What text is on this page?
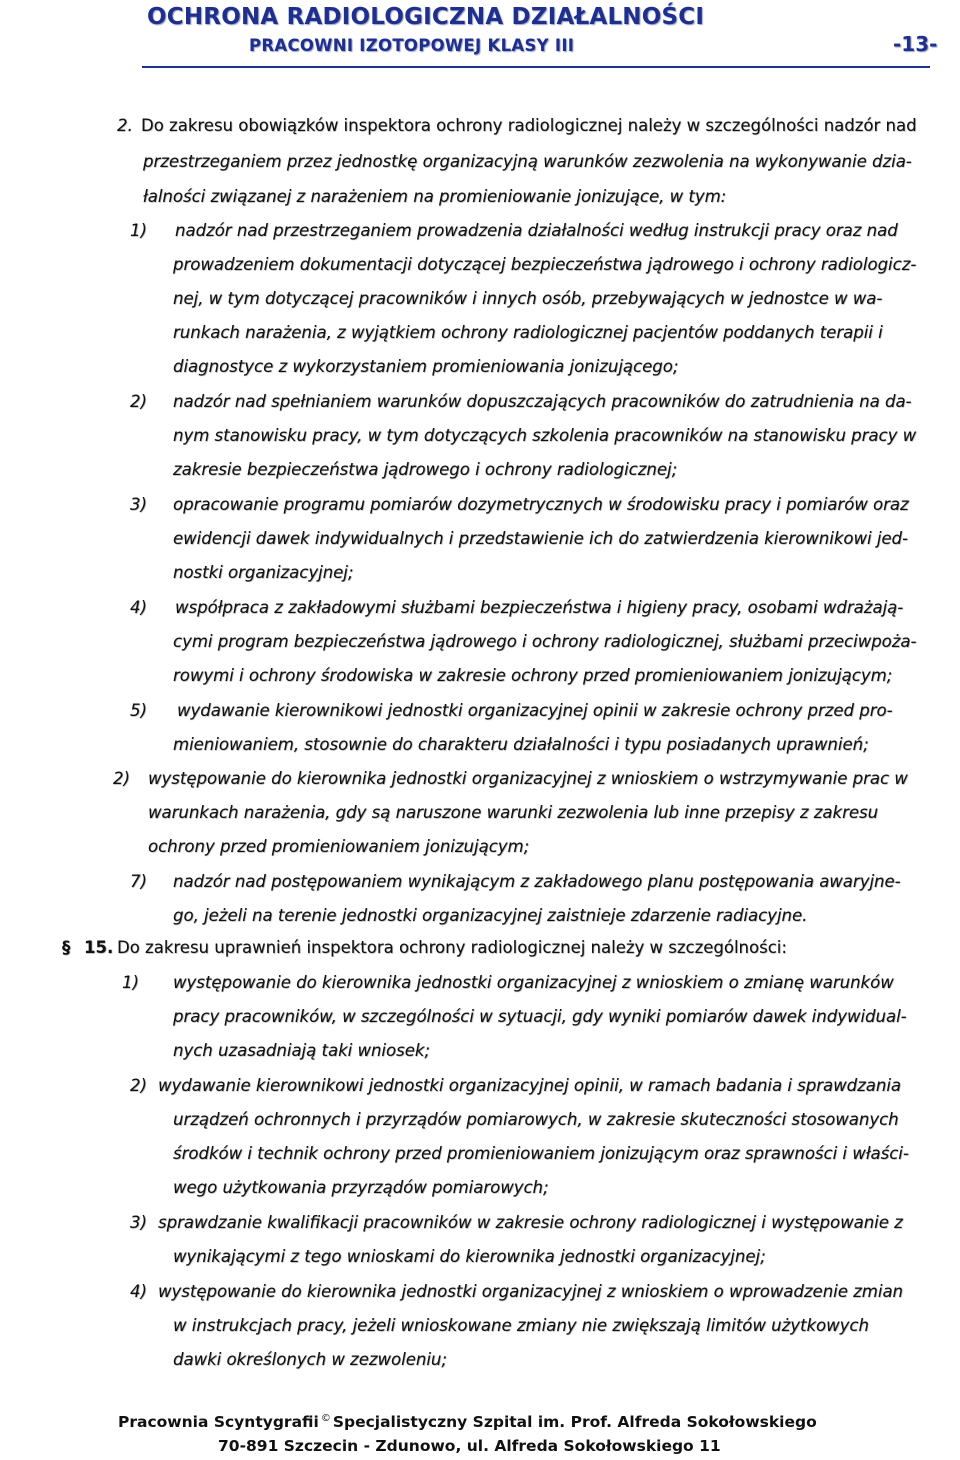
OCHRONA RADIOLOGICZNA DZIAŁALNOŚCI
PRACOWNI IZOTOPOWEJ KLASY III	-13-
2. Do zakresu obowiązków inspektora ochrony radiologicznej należy w szczególności nadzór nad
przestrzeganiem przez jednostkę organizacyjną warunków zezwolenia na wykonywanie dzia-
łalności związanej z narażeniem na promieniowanie jonizujące, w tym:
1) nadzór nad przestrzeganiem prowadzenia działalności według instrukcji pracy oraz nad
prowadzeniem dokumentacji dotyczącej bezpieczeństwa jądrowego i ochrony radiologicz-
nej, w tym dotyczącej pracowników i innych osób, przebywających w jednostce w wa-
runkach narażenia, z wyjątkiem ochrony radiologicznej pacjentów poddanych terapii i
diagnostyce z wykorzystaniem promieniowania jonizującego;
2) nadzór nad spełnianiem warunków dopuszczających pracowników do zatrudnienia na da-
nym stanowisku pracy, w tym dotyczących szkolenia pracowników na stanowisku pracy w
zakresie bezpieczeństwa jądrowego i ochrony radiologicznej;
3) opracowanie programu pomiarów dozymetrycznych w środowisku pracy i pomiarów oraz
ewidencji dawek indywidualnych i przedstawienie ich do zatwierdzenia kierownikowi jed-
nostki organizacyjnej;
4) współpraca z zakładowymi służbami bezpieczeństwa i higieny pracy, osobami wdrażają-
cymi program bezpieczeństwa jądrowego i ochrony radiologicznej, służbami przeciwpoża-
rowymi i ochrony środowiska w zakresie ochrony przed promieniowaniem jonizującym;
5) wydawanie kierownikowi jednostki organizacyjnej opinii w zakresie ochrony przed pro-
mieniowaniem, stosownie do charakteru działalności i typu posiadanych uprawnień;
2) występowanie do kierownika jednostki organizacyjnej z wnioskiem o wstrzymywanie prac w
warunkach narażenia, gdy są naruszone warunki zezwolenia lub inne przepisy z zakresu
ochrony przed promieniowaniem jonizującym;
7) nadzór nad postępowaniem wynikającym z zakładowego planu postępowania awaryjne-
go, jeżeli na terenie jednostki organizacyjnej zaistnieje zdarzenie radiacyjne.
§ 15. Do zakresu uprawnień inspektora ochrony radiologicznej należy w szczególności:
1) występowanie do kierownika jednostki organizacyjnej z wnioskiem o zmianę warunków
pracy pracowników, w szczególności w sytuacji, gdy wyniki pomiarów dawek indywidual-
nych uzasadniają taki wniosek;
2) wydawanie kierownikowi jednostki organizacyjnej opinii, w ramach badania i sprawdzania
urządzeń ochronnych i przyrządów pomiarowych, w zakresie skuteczności stosowanych
środków i technik ochrony przed promieniowaniem jonizującym oraz sprawności i właści-
wego użytkowania przyrządów pomiarowych;
3) sprawdzanie kwalifikacji pracowników w zakresie ochrony radiologicznej i występowanie z
wynikającymi z tego wnioskami do kierownika jednostki organizacyjnej;
4) występowanie do kierownika jednostki organizacyjnej z wnioskiem o wprowadzenie zmian
w instrukcjach pracy, jeżeli wnioskowane zmiany nie zwiększają limitów użytkowych
dawki określonych w zezwoleniu;
Pracownia Scyntygrafii © Specjalistyczny Szpital im. Prof. Alfreda Sokołowskiego
70-891 Szczecin - Zdunowo, ul. Alfreda Sokołowskiego 11
